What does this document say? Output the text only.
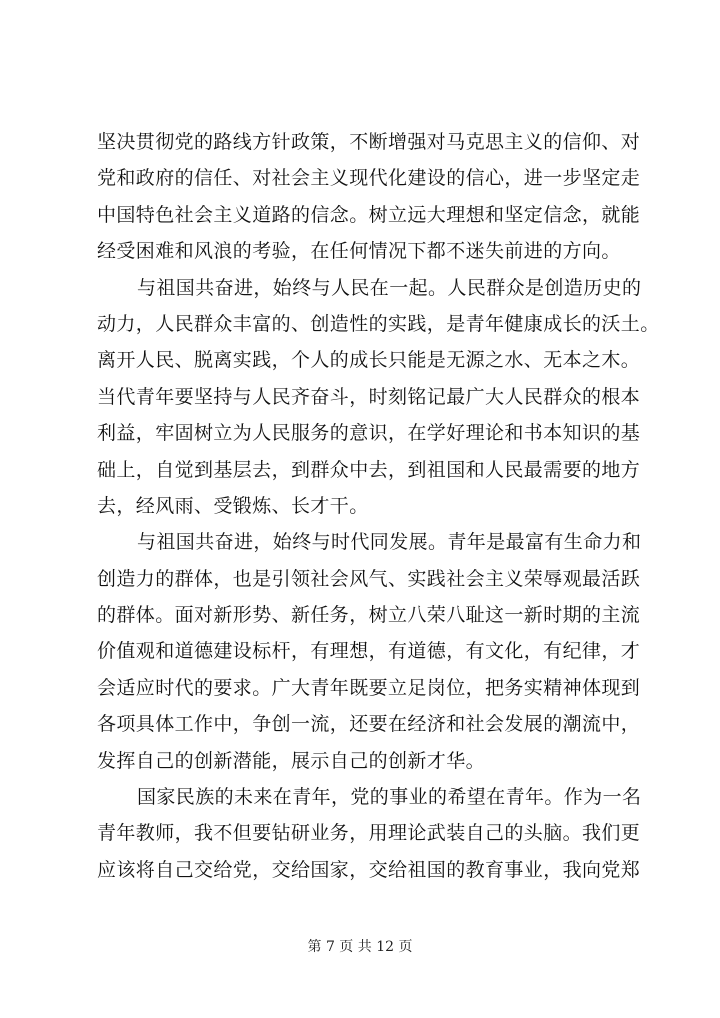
坚决贯彻党的路线方针政策，不断增强对马克思主义的信仰、对
党和政府的信任、对社会主义现代化建设的信心，进一步坚定走
中国特色社会主义道路的信念。树立远大理想和坚定信念，就能
经受困难和风浪的考验，在任何情况下都不迷失前进的方向。
与祖国共奋进，始终与人民在一起。人民群众是创造历史的
动力，人民群众丰富的、创造性的实践，是青年健康成长的沃土。
离开人民、脱离实践，个人的成长只能是无源之水、无本之木。
当代青年要坚持与人民齐奋斗，时刻铭记最广大人民群众的根本
利益，牢固树立为人民服务的意识，在学好理论和书本知识的基
础上，自觉到基层去，到群众中去，到祖国和人民最需要的地方
去，经风雨、受锻炼、长才干。
与祖国共奋进，始终与时代同发展。青年是最富有生命力和
创造力的群体，也是引领社会风气、实践社会主义荣辱观最活跃
的群体。面对新形势、新任务，树立八荣八耻这一新时期的主流
价值观和道德建设标杆，有理想，有道德，有文化，有纪律，才
会适应时代的要求。广大青年既要立足岗位，把务实精神体现到
各项具体工作中，争创一流，还要在经济和社会发展的潮流中，
发挥自己的创新潜能，展示自己的创新才华。
国家民族的未来在青年，党的事业的希望在青年。作为一名
青年教师，我不但要钻研业务，用理论武装自己的头脑。我们更
应该将自己交给党，交给国家，交给祖国的教育事业，我向党郑
第 7 页 共 12 页
